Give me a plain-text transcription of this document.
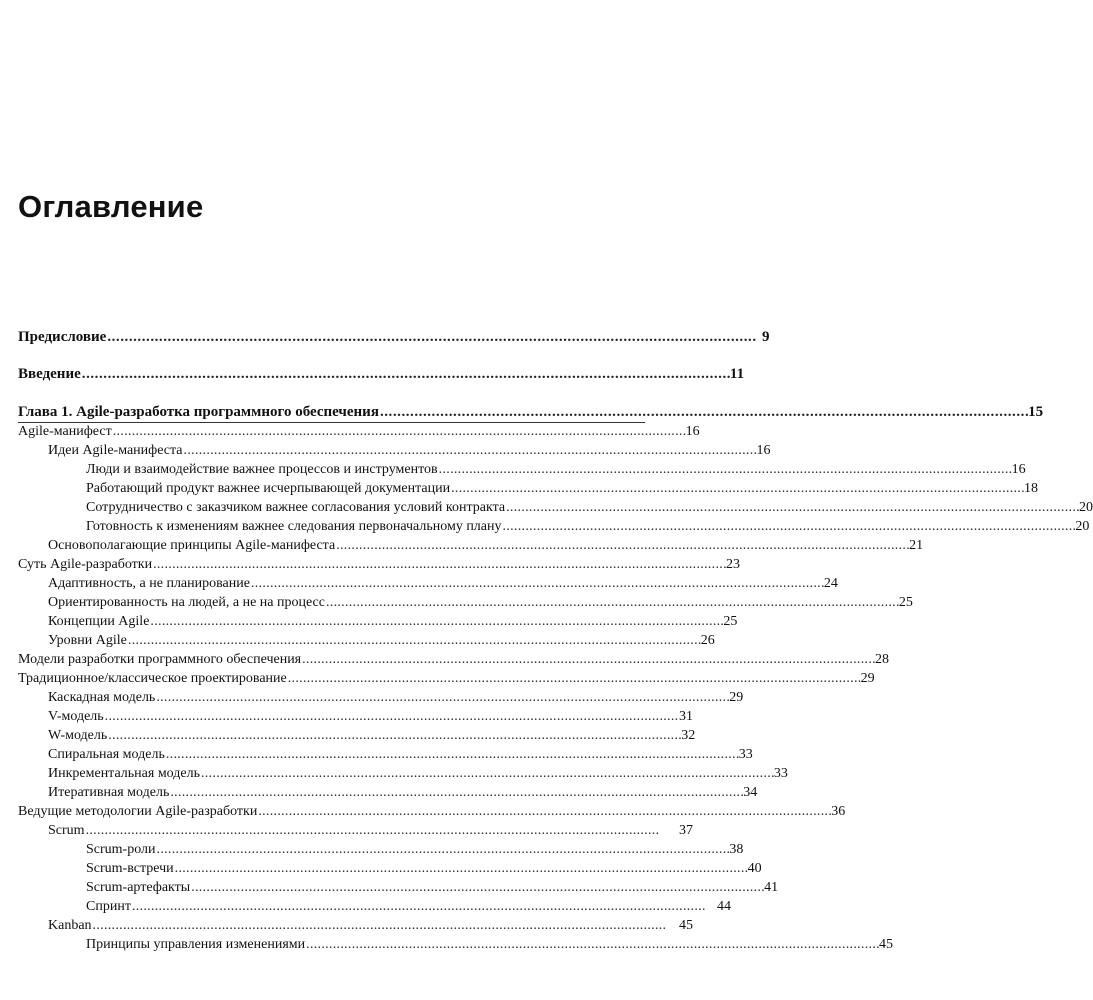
Оглавление
Предисловие . . .	9
Введение . . .	11
Глава 1. Agile-разработка программного обеспечения . . .	15
Agile-манифест . . .	16
Идеи Agile-манифеста . . .	16
Люди и взаимодействие важнее процессов и инструментов . . .	16
Работающий продукт важнее исчерпывающей документации . . .	18
Сотрудничество с заказчиком важнее согласования условий контракта . . .	20
Готовность к изменениям важнее следования первоначальному плану . . .	20
Основополагающие принципы Agile-манифеста . . .	21
Суть Agile-разработки . . .	23
Адаптивность, а не планирование . . .	24
Ориентированность на людей, а не на процесс . . .	25
Концепции Agile . . .	25
Уровни Agile . . .	26
Модели разработки программного обеспечения . . .	28
Традиционное/классическое проектирование . . .	29
Каскадная модель . . .	29
V-модель . . .	31
W-модель . . .	32
Спиральная модель . . .	33
Инкрементальная модель . . .	33
Итеративная модель . . .	34
Ведущие методологии Agile-разработки . . .	36
Scrum . . .	37
Scrum-роли . . .	38
Scrum-встречи . . .	40
Scrum-артефакты . . .	41
Спринт . . .	44
Kanban . . .	45
Принципы управления изменениями . . .	45
